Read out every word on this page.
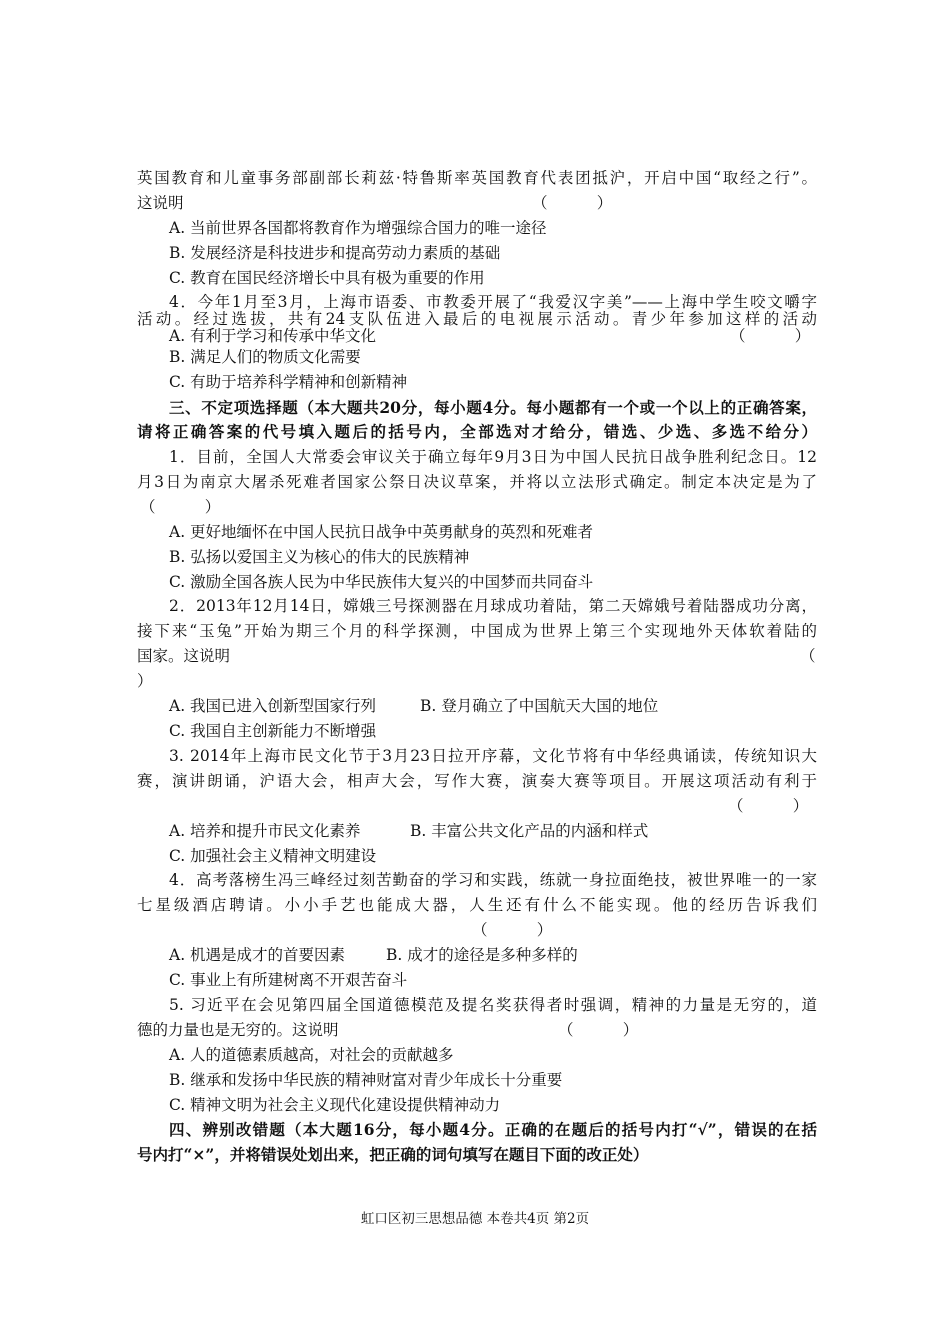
英国教育和儿童事务部副部长莉兹·特鲁斯率英国教育代表团抵沪，开启中国“取经之行”。
这说明	（          ）
A. 当前世界各国都将教育作为增强综合国力的唯一途径
B. 发展经济是科技进步和提高劳动力素质的基础
C. 教育在国民经济增长中具有极为重要的作用
4．今年1月至3月，上海市语委、市教委开展了“我爱汉字美”——上海中学生咬文嚼字
活动。经过选拔，共有24支队伍进入最后的电视展示活动。青少年参加这样的活动
A. 有利于学习和传承中华文化	（          ）
B. 满足人们的物质文化需要
C. 有助于培养科学精神和创新精神
三、不定项选择题（本大题共20分，每小题4分。每小题都有一个或一个以上的正确答案，
请将正确答案的代号填入题后的括号内，全部选对才给分，错选、少选、多选不给分）
1．目前，全国人大常委会审议关于确立每年9月3日为中国人民抗日战争胜利纪念日。12
月3日为南京大屠杀死难者国家公祭日决议草案，并将以立法形式确定。制定本决定是为了
（          ）
A. 更好地缅怀在中国人民抗日战争中英勇献身的英烈和死难者
B. 弘扬以爱国主义为核心的伟大的民族精神
C. 激励全国各族人民为中华民族伟大复兴的中国梦而共同奋斗
2．2013年12月14日，嫦娥三号探测器在月球成功着陆，第二天嫦娥号着陆器成功分离，
接下来“玉兔”开始为期三个月的科学探测，中国成为世界上第三个实现地外天体软着陆的
国家。这说明	（
）
A. 我国已进入创新型国家行列	B. 登月确立了中国航天大国的地位
C. 我国自主创新能力不断增强
3. 2014年上海市民文化节于3月23日拉开序幕，文化节将有中华经典诵读，传统知识大
赛，演讲朗诵，沪语大会，相声大会，写作大赛，演奏大赛等项目。开展这项活动有利于
（          ）
A. 培养和提升市民文化素养	B. 丰富公共文化产品的内涵和样式
C. 加强社会主义精神文明建设
4．高考落榜生冯三峰经过刻苦勤奋的学习和实践，练就一身拉面绝技，被世界唯一的一家
七星级酒店聘请。小小手艺也能成大器，人生还有什么不能实现。他的经历告诉我们
（          ）
A. 机遇是成才的首要因素	B. 成才的途径是多种多样的
C. 事业上有所建树离不开艰苦奋斗
5. 习近平在会见第四届全国道德模范及提名奖获得者时强调，精神的力量是无穷的，道
德的力量也是无穷的。这说明	（          ）
A. 人的道德素质越高，对社会的贡献越多
B. 继承和发扬中华民族的精神财富对青少年成长十分重要
C. 精神文明为社会主义现代化建设提供精神动力
四、辨别改错题（本大题16分，每小题4分。正确的在题后的括号内打“√”，错误的在括
号内打“×”，并将错误处划出来，把正确的词句填写在题目下面的改正处）
虹口区初三思想品德 本卷共4页 第2页
